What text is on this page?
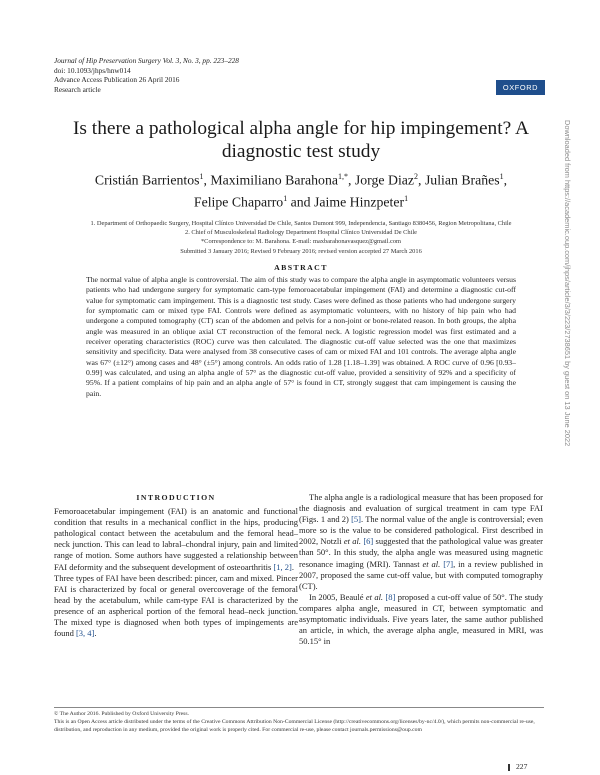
Journal of Hip Preservation Surgery Vol. 3, No. 3, pp. 223–228
doi: 10.1093/jhps/hnw014
Advance Access Publication 26 April 2016
Research article	OXFORD
Is there a pathological alpha angle for hip impingement? A diagnostic test study
Cristián Barrientos$^1$, Maximiliano Barahona$^{1,*}$, Jorge Diaz$^2$, Julian Brañes$^1$,
Felipe Chaparro$^1$ and Jaime Hinzpeter$^1$
1. Department of Orthopaedic Surgery, Hospital Clínico Universidad De Chile, Santos Dumont 999, Independencia, Santiago 8380456, Region Metropolitana, Chile
2. Chief of Musculoskeletal Radiology Department Hospital Clínico Universidad De Chile
*Correspondence to: M. Barahona. E-mail: maxbarahonavasquez@gmail.com
Submitted 3 January 2016; Revised 9 February 2016; revised version accepted 27 March 2016
ABSTRACT
The normal value of alpha angle is controversial. The aim of this study was to compare the alpha angle in asymptomatic volunteers versus patients who had undergone surgery for symptomatic cam-type femoroacetabular impingement (FAI) and determine a diagnostic cut-off value for symptomatic cam impingement. This is a diagnostic test study. Cases were defined as those patients who had undergone surgery for symptomatic cam or mixed type FAI. Controls were defined as asymptomatic volunteers, with no history of hip pain who had undergone a computed tomography (CT) scan of the abdomen and pelvis for a non-joint or bone-related reason. In both groups, the alpha angle was measured in an oblique axial CT reconstruction of the femoral neck. A logistic regression model was first estimated and a receiver operating characteristics (ROC) curve was then calculated. The diagnostic cut-off value selected was the one that maximizes sensitivity and specificity. Data were analysed from 38 consecutive cases of cam or mixed FAI and 101 controls. The average alpha angle was 67° (±12°) among cases and 48° (±5°) among controls. An odds ratio of 1.28 [1.18–1.39] was obtained. A ROC curve of 0.96 [0.93–0.99] was calculated, and using an alpha angle of 57° as the diagnostic cut-off value, provided a sensitivity of 92% and a specificity of 95%. If a patient complains of hip pain and an alpha angle of 57° is found in CT, strongly suggest that cam impingement is causing the pain.

INTRODUCTION

Femoroacetabular impingement (FAI) is an anatomic and functional condition that results in a mechanical conflict in the hips, producing pathological contact between the acetabulum and the femoral head–neck junction. This can lead to labral–chondral injury, pain and limited range of motion. Some authors have suggested a relationship between FAI deformity and the subsequent development of osteoarthritis [1, 2].

Three types of FAI have been described: pincer, cam and mixed. Pincer FAI is characterized by focal or general overcoverage of the femoral head by the acetabulum, while cam-type FAI is characterized by the presence of an aspherical portion of the femoral head–neck junction. The mixed type is diagnosed when both types of impingements are found [3, 4].

The alpha angle is a radiological measure that has been proposed for the diagnosis and evaluation of surgical treatment in cam type FAI (Figs. 1 and 2) [5]. The normal value of the angle is controversial; even more so is the value to be considered pathological. First described in 2002, Notzli et al. [6] suggested that the pathological value was greater than 50°. In this study, the alpha angle was measured using magnetic resonance imaging (MRI). Tannast et al. [7], in a review published in 2007, proposed the same cut-off value, but with computed tomography (CT).

In 2005, Beaulé et al. [8] proposed a cut-off value of 50°. The study compares alpha angle, measured in CT, between symptomatic and asymptomatic individuals. Five years later, the same author published an article, in which, the average alpha angle, measured in MRI, was 50.15° in

© The Author 2016. Published by Oxford University Press.
This is an Open Access article distributed under the terms of the Creative Commons Attribution Non-Commercial License (http://creativecommons.org/licenses/by-nc/4.0/), which permits non-commercial re-use, distribution, and reproduction in any medium, provided the original work is properly cited. For commercial re-use, please contact journals.permissions@oup.com
227
Downloaded from https://academic.oup.com/jhps/article/3/3/223/2738651 by guest on 13 June 2022
